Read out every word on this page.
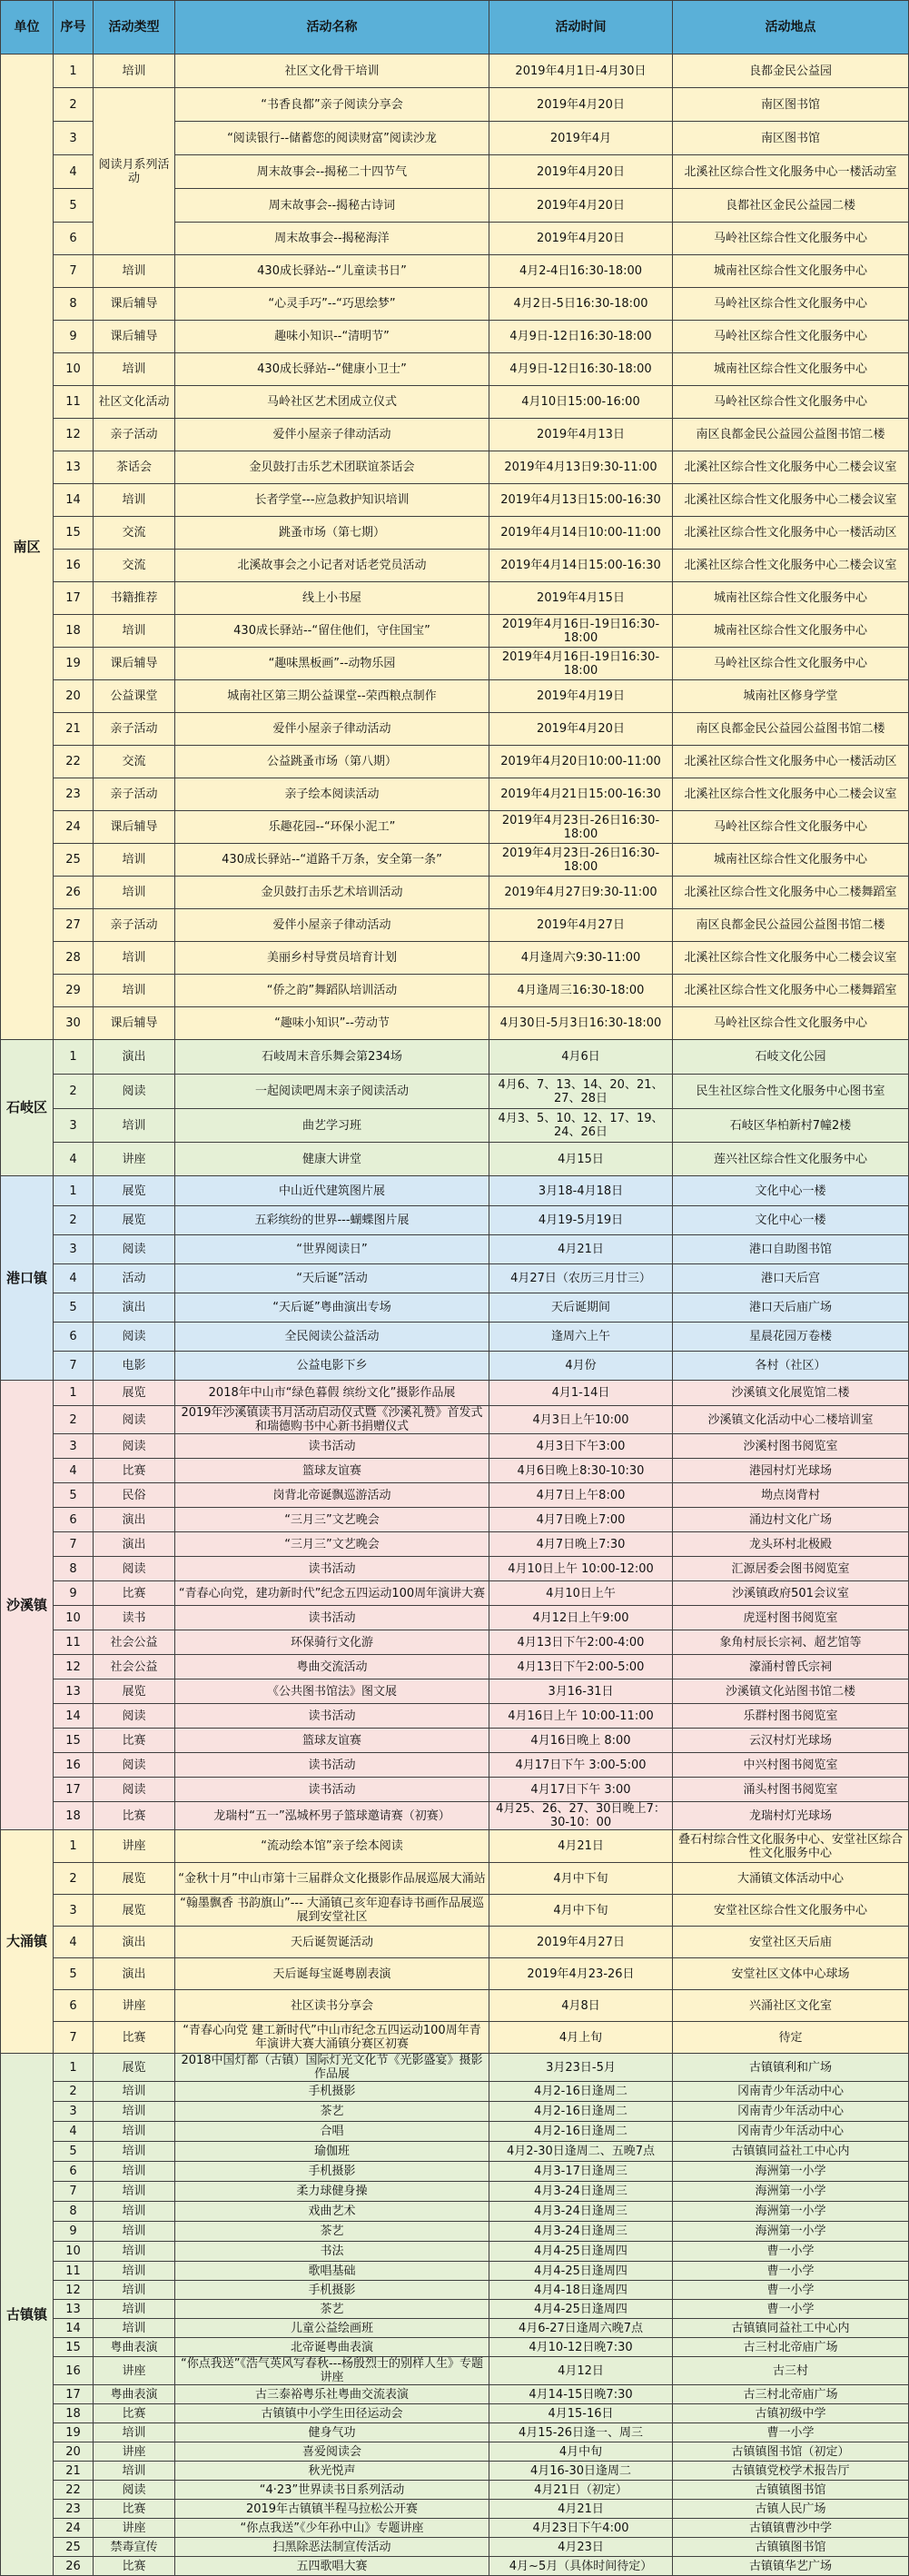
单位	序号	活动类型	活动名称	活动时间	活动地点
南区	1	培训	社区文化骨干培训	2019年4月1日-4月30日	良都金民公益园
	2	阅读月系列活动	“书香良都”亲子阅读分享会	2019年4月20日	南区图书馆
	3		“阅读银行--储蓄您的阅读财富”阅读沙龙	2019年4月	南区图书馆
	4		周末故事会--揭秘二十四节气	2019年4月20日	北溪社区综合性文化服务中心一楼活动室
	5		周末故事会--揭秘古诗词	2019年4月20日	良都社区金民公益园二楼
	6		周末故事会--揭秘海洋	2019年4月20日	马岭社区综合性文化服务中心
	7	培训	430成长驿站--“儿童读书日”	4月2-4日16:30-18:00	城南社区综合性文化服务中心
	8	课后辅导	“心灵手巧”--“巧思绘梦”	4月2日-5日16:30-18:00	马岭社区综合性文化服务中心
	9	课后辅导	趣味小知识--“清明节”	4月9日-12日16:30-18:00	马岭社区综合性文化服务中心
	10	培训	430成长驿站--“健康小卫士”	4月9日-12日16:30-18:00	城南社区综合性文化服务中心
	11	社区文化活动	马岭社区艺术团成立仪式	4月10日15:00-16:00	马岭社区综合性文化服务中心
	12	亲子活动	爱伴小屋亲子律动活动	2019年4月13日	南区良都金民公益园公益图书馆二楼
	13	茶话会	金贝鼓打击乐艺术团联谊茶话会	2019年4月13日9:30-11:00	北溪社区综合性文化服务中心二楼会议室
	14	培训	长者学堂---应急救护知识培训	2019年4月13日15:00-16:30	北溪社区综合性文化服务中心二楼会议室
	15	交流	跳蚤市场（第七期）	2019年4月14日10:00-11:00	北溪社区综合性文化服务中心一楼活动区
	16	交流	北溪故事会之小记者对话老党员活动	2019年4月14日15:00-16:30	北溪社区综合性文化服务中心二楼会议室
	17	书籍推荐	线上小书屋	2019年4月15日	城南社区综合性文化服务中心
	18	培训	430成长驿站--“留住他们，守住国宝”	2019年4月16日-19日16:30-18:00	城南社区综合性文化服务中心
	19	课后辅导	“趣味黑板画”--动物乐园	2019年4月16日-19日16:30-18:00	马岭社区综合性文化服务中心
	20	公益课堂	城南社区第三期公益课堂--荣西粮点制作	2019年4月19日	城南社区修身学堂
	21	亲子活动	爱伴小屋亲子律动活动	2019年4月20日	南区良都金民公益园公益图书馆二楼
	22	交流	公益跳蚤市场（第八期）	2019年4月20日10:00-11:00	北溪社区综合性文化服务中心一楼活动区
	23	亲子活动	亲子绘本阅读活动	2019年4月21日15:00-16:30	北溪社区综合性文化服务中心二楼会议室
	24	课后辅导	乐趣花园--“环保小泥工”	2019年4月23日-26日16:30-18:00	马岭社区综合性文化服务中心
	25	培训	430成长驿站--“道路千万条，安全第一条”	2019年4月23日-26日16:30-18:00	城南社区综合性文化服务中心
	26	培训	金贝鼓打击乐艺术培训活动	2019年4月27日9:30-11:00	北溪社区综合性文化服务中心二楼舞蹈室
	27	亲子活动	爱伴小屋亲子律动活动	2019年4月27日	南区良都金民公益园公益图书馆二楼
	28	培训	美丽乡村导赏员培育计划	4月逢周六9:30-11:00	北溪社区综合性文化服务中心二楼会议室
	29	培训	“侨之韵”舞蹈队培训活动	4月逢周三16:30-18:00	北溪社区综合性文化服务中心二楼舞蹈室
	30	课后辅导	“趣味小知识”--劳动节	4月30日-5月3日16:30-18:00	马岭社区综合性文化服务中心
石岐区	1	演出	石岐周末音乐舞会第234场	4月6日	石岐文化公园
	2	阅读	一起阅读吧周末亲子阅读活动	4月6、7、13、14、20、21、27、28日	民生社区综合性文化服务中心图书室
	3	培训	曲艺学习班	4月3、5、10、12、17、19、24、26日	石岐区华柏新村7幢2楼
	4	讲座	健康大讲堂	4月15日	莲兴社区综合性文化服务中心
港口镇	1	展览	中山近代建筑图片展	3月18-4月18日	文化中心一楼
	2	展览	五彩缤纷的世界---蝴蝶图片展	4月19-5月19日	文化中心一楼
	3	阅读	“世界阅读日”	4月21日	港口自助图书馆
	4	活动	“天后诞”活动	4月27日（农历三月廿三）	港口天后宫
	5	演出	“天后诞”粤曲演出专场	天后诞期间	港口天后庙广场
	6	阅读	全民阅读公益活动	逢周六上午	星晨花园万卷楼
	7	电影	公益电影下乡	4月份	各村（社区）
沙溪镇	1	展览	2018年中山市“绿色暮假 缤纷文化”摄影作品展	4月1-14日	沙溪镇文化展览馆二楼
	2	阅读	2019年沙溪镇读书月活动启动仪式暨《沙溪礼赞》首发式和瑞德购书中心新书捐赠仪式	4月3日上午10:00	沙溪镇文化活动中心二楼培训室
	3	阅读	读书活动	4月3日下午3:00	沙溪村图书阅览室
	4	比赛	篮球友谊赛	4月6日晚上8:30-10:30	港园村灯光球场
	5	民俗	岗背北帝诞飘巡游活动	4月7日上午8:00	坳点岗背村
	6	演出	“三月三”文艺晚会	4月7日晚上7:00	涌边村文化广场
	7	演出	“三月三”文艺晚会	4月7日晚上7:30	龙头环村北极殿
	8	阅读	读书活动	4月10日上午 10:00-12:00	汇源居委会图书阅览室
	9	比赛	“青春心向党，建功新时代”纪念五四运动100周年演讲大赛	4月10日上午	沙溪镇政府501会议室
	10	读书	读书活动	4月12日上午9:00	虎逕村图书阅览室
	11	社会公益	环保骑行文化游	4月13日下午2:00-4:00	象角村辰长宗祠、超艺馆等
	12	社会公益	粤曲交流活动	4月13日下午2:00-5:00	濠涌村曾氏宗祠
	13	展览	《公共图书馆法》图文展	3月16-31日	沙溪镇文化站图书馆二楼
	14	阅读	读书活动	4月16日上午 10:00-11:00	乐群村图书阅览室
	15	比赛	篮球友谊赛	4月16日晚上 8:00	云汉村灯光球场
	16	阅读	读书活动	4月17日下午 3:00-5:00	中兴村图书阅览室
	17	阅读	读书活动	4月17日下午 3:00	涌头村图书阅览室
	18	比赛	龙瑞村“五一”泓城杯男子篮球邀请赛（初赛）	4月25、26、27、30日晚上7：30-10：00	龙瑞村灯光球场
大涌镇	1	讲座	“流动绘本馆”亲子绘本阅读	4月21日	叠石村综合性文化服务中心、安堂社区综合性文化服务中心
	2	展览	“金秋十月”中山市第十三届群众文化摄影作品展巡展大涌站	4月中下旬	大涌镇文体活动中心
	3	展览	“翰墨飘香 书韵旗山”--- 大涌镇己亥年迎春诗书画作品展巡展到安堂社区	4月中下旬	安堂社区综合性文化服务中心
	4	演出	天后诞贺诞活动	2019年4月27日	安堂社区天后庙
	5	演出	天后诞每宝诞粤剧表演	2019年4月23-26日	安堂社区文体中心球场
	6	讲座	社区读书分享会	4月8日	兴涌社区文化室
	7	比赛	“青春心向党 建工新时代”中山市纪念五四运动100周年青年演讲大赛大涌镇分赛区初赛	4月上旬	待定
古镇镇	1	展览	2018中国灯都（古镇）国际灯光文化节《光影盛宴》摄影作品展	3月23日-5月	古镇镇利和广场
	2	培训	手机摄影	4月2-16日逢周二	冈南青少年活动中心
	3	培训	茶艺	4月2-16日逢周二	冈南青少年活动中心
	4	培训	合唱	4月2-16日逢周二	冈南青少年活动中心
	5	培训	瑜伽班	4月2-30日逢周二、五晚7点	古镇镇同益社工中心内
	6	培训	手机摄影	4月3-17日逢周三	海洲第一小学
	7	培训	柔力球健身操	4月3-24日逢周三	海洲第一小学
	8	培训	戏曲艺术	4月3-24日逢周三	海洲第一小学
	9	培训	茶艺	4月3-24日逢周三	海洲第一小学
	10	培训	书法	4月4-25日逢周四	曹一小学
	11	培训	歌唱基础	4月4-25日逢周四	曹一小学
	12	培训	手机摄影	4月4-18日逢周四	曹一小学
	13	培训	茶艺	4月4-25日逢周四	曹一小学
	14	培训	儿童公益绘画班	4月6-27日逢周六晚7点	古镇镇同益社工中心内
	15	粤曲表演	北帝诞粤曲表演	4月10-12日晚7:30	古三村北帝庙广场
	16	讲座	“你点我送”《浩气英风写春秋---杨殷烈士的别样人生》专题讲座	4月12日	古三村
	17	粤曲表演	古三泰裕粤乐社粤曲交流表演	4月14-15日晚7:30	古三村北帝庙广场
	18	比赛	古镇镇中小学生田径运动会	4月15-16日	古镇初级中学
	19	培训	健身气功	4月15-26日逢一、周三	曹一小学
	20	讲座	喜爱阅读会	4月中旬	古镇镇图书馆（初定）
	21	培训	秋光悦声	4月16-30日逢周二	古镇镇党校学术报告厅
	22	阅读	“4·23”世界读书日系列活动	4月21日（初定）	古镇镇图书馆
	23	比赛	2019年古镇镇半程马拉松公开赛	4月21日	古镇人民广场
	24	讲座	“你点我送”《少年孙中山》专题讲座	4月23日下午4:00	古镇镇曹沙中学
	25	禁毒宣传	扫黑除恶法制宣传活动	4月23日	古镇镇图书馆
	26	比赛	五四歌唱大赛	4月~5月（具体时间待定）	古镇镇华艺广场
